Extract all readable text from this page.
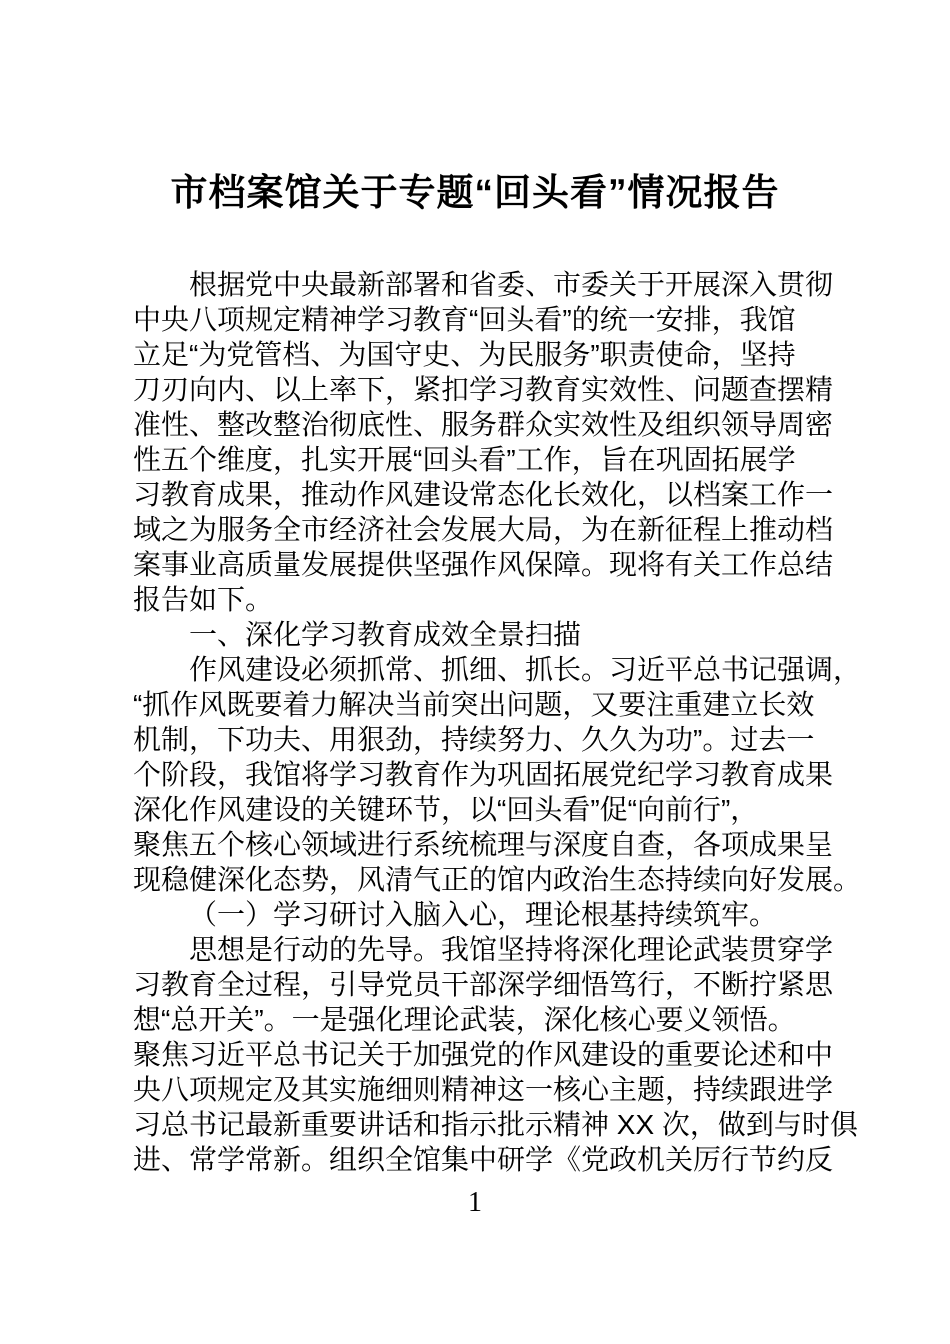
市档案馆关于专题“回头看”情况报告
根据党中央最新部署和省委、市委关于开展深入贯彻
中央八项规定精神学习教育“回头看”的统一安排，我馆
立足“为党管档、为国守史、为民服务”职责使命，坚持
刀刃向内、以上率下，紧扣学习教育实效性、问题查摆精
准性、整改整治彻底性、服务群众实效性及组织领导周密
性五个维度，扎实开展“回头看”工作，旨在巩固拓展学
习教育成果，推动作风建设常态化长效化，以档案工作一
域之为服务全市经济社会发展大局，为在新征程上推动档
案事业高质量发展提供坚强作风保障。现将有关工作总结
报告如下。
一、深化学习教育成效全景扫描
作风建设必须抓常、抓细、抓长。习近平总书记强调，
“抓作风既要着力解决当前突出问题，又要注重建立长效
机制，下功夫、用狠劲，持续努力、久久为功”。过去一
个阶段，我馆将学习教育作为巩固拓展党纪学习教育成果
深化作风建设的关键环节，以“回头看”促“向前行”，
聚焦五个核心领域进行系统梳理与深度自查，各项成果呈
现稳健深化态势，风清气正的馆内政治生态持续向好发展。
（一）学习研讨入脑入心，理论根基持续筑牢。
思想是行动的先导。我馆坚持将深化理论武装贯穿学
习教育全过程，引导党员干部深学细悟笃行，不断拧紧思
想“总开关”。一是强化理论武装，深化核心要义领悟。
聚焦习近平总书记关于加强党的作风建设的重要论述和中
央八项规定及其实施细则精神这一核心主题，持续跟进学
习总书记最新重要讲话和指示批示精神 XX 次，做到与时俱
进、常学常新。组织全馆集中研学《党政机关厉行节约反
1
